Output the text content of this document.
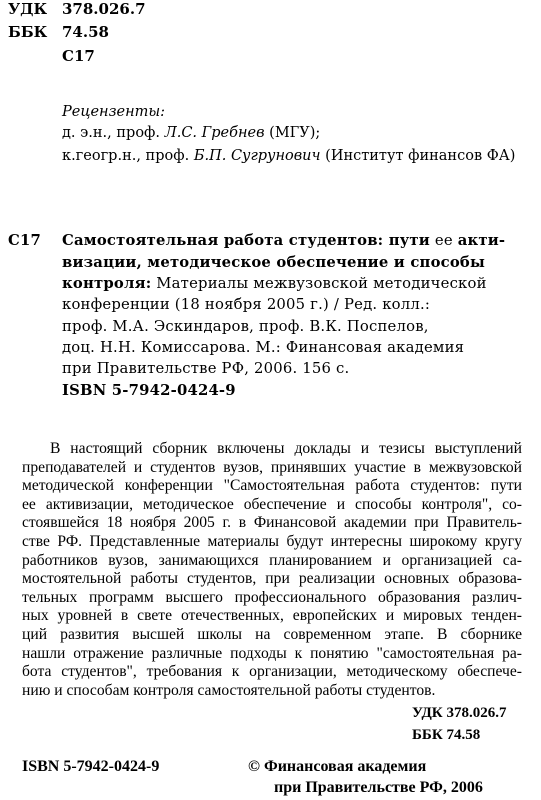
УДК 378.026.7
ББК 74.58
С17
Рецензенты:
д. э.н., проф. Л.С. Гребнев (МГУ);
к.геогр.н., проф. Б.П. Сугрунович (Институт финансов ФА)
С17 Самостоятельная работа студентов: пути ее акти-
визации, методическое обеспечение и способы
контроля: Материалы межвузовской методической
конференции (18 ноября 2005 г.) / Ред. колл.:
проф. М.А. Эскиндаров, проф. В.К. Поспелов,
доц. Н.Н. Комиссарова. М.: Финансовая академия
при Правительстве РФ, 2006. 156 с.
ISBN 5-7942-0424-9
В настоящий сборник включены доклады и тезисы выступлений
преподавателей и студентов вузов, принявших участие в межвузовской
методической конференции "Самостоятельная работа студентов: пути
ее активизации, методическое обеспечение и способы контроля", со-
стоявшейся 18 ноября 2005 г. в Финансовой академии при Правитель-
стве РФ. Представленные материалы будут интересны широкому кругу
работников вузов, занимающихся планированием и организацией са-
мостоятельной работы студентов, при реализации основных образова-
тельных программ высшего профессионального образования различ-
ных уровней в свете отечественных, европейских и мировых тенден-
ций развития высшей школы на современном этапе. В сборнике
нашли отражение различные подходы к понятию "самостоятельная ра-
бота студентов", требования к организации, методическому обеспече-
нию и способам контроля самостоятельной работы студентов.
УДК 378.026.7
ББК 74.58
ISBN 5-7942-0424-9	© Финансовая академия
при Правительстве РФ, 2006
